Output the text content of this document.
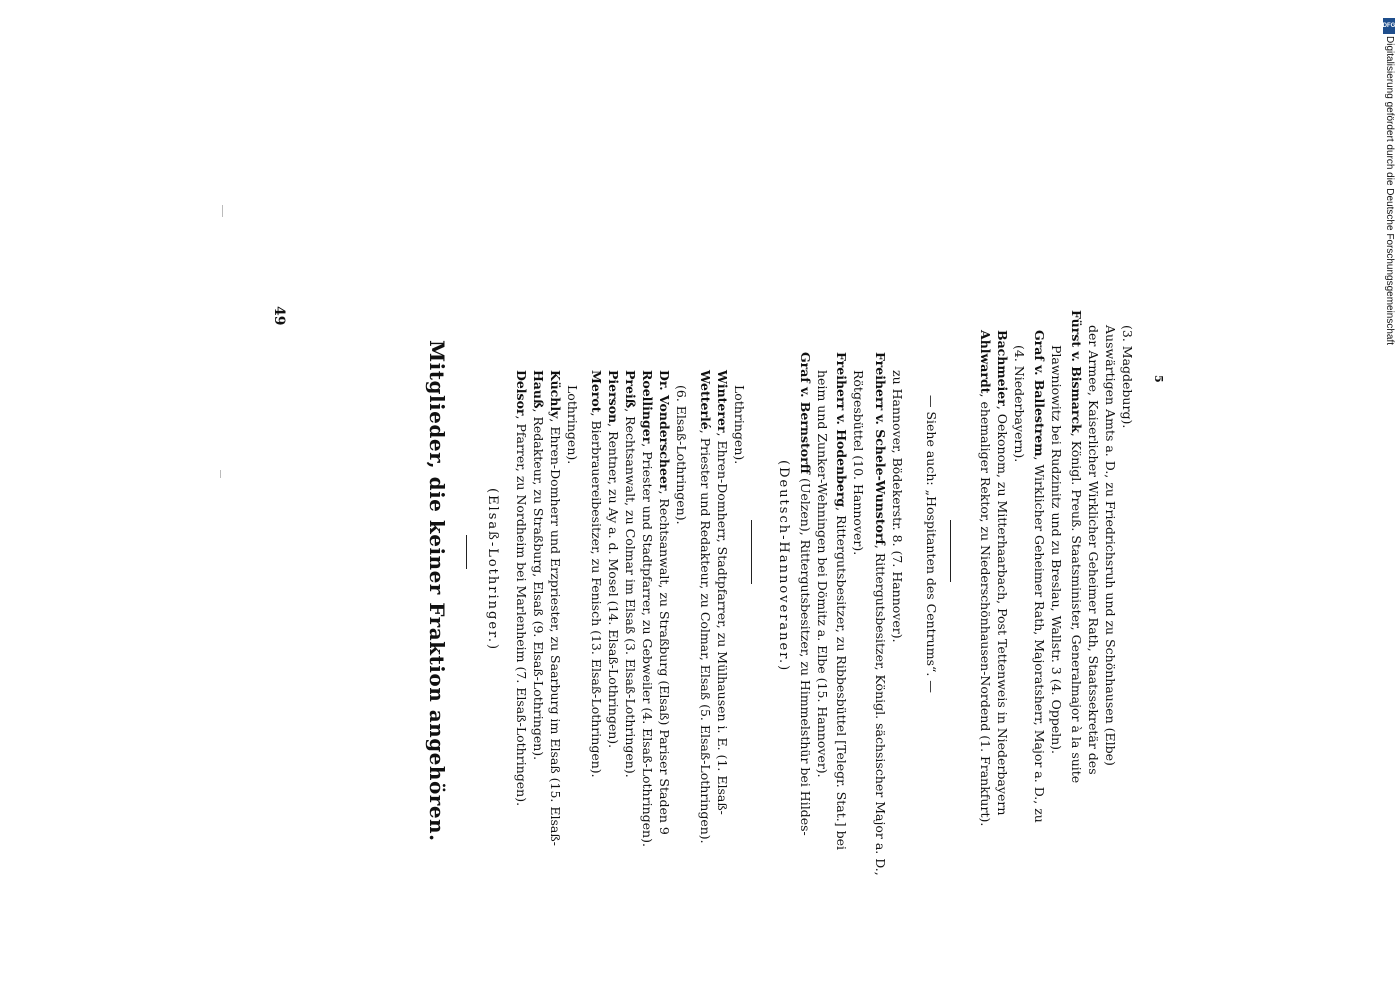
49
Mitglieder, die keiner Fraktion angehören.	(Elsaß-Lothringer.)
Delsor, Pfarrer, zu Nordheim bei Marlenheim (7. Elsaß-Lothringen).
Hauß, Redakteur, zu Straßburg, Elsaß (9. Elsaß-Lothringen).
Küchly, Ehren-Domherr und Erzpriester, zu Saarburg im Elsaß (15. Elsaß- Lothringen). Merot, Bierbrauereibesitzer, zu Fenisch (13. Elsaß-Lothringen).
Pierson, Rentner, zu Ay a. d. Mosel (14. Elsaß-Lothringen).
Preiß, Rechtsanwalt, zu Colmar im Elsaß (3. Elsaß-Lothringen).
Roellinger, Priester und Stadtpfarrer, zu Gebweiler (4. Elsaß-Lothringen).
Dr. Vonderscheer, Rechtsanwalt, zu Straßburg (Elsaß) Pariser Staden 9
(6. Elsaß-Lothringen). Wetterlé, Priester und Redakteur, zu Colmar, Elsaß (5. Elsaß-Lothringen).
Winterer, Ehren-Domherr, Stadtpfarrer, zu Mülhausen i. E. (1. Elsaß-
Lothringen).
(Deutsch-Hannoveraner.)
Graf v. Bernstorff (Uelzen), Rittergutsbesitzer, zu Himmelsthür bei Hildes- heim und Zunker-Wehningen bei Dömitz a. Elbe (15. Hannover). Freiherr v. Hodenberg, Rittergutsbesitzer, zu Ribbesbüttel [Telegr. Stat.] bei
Rötgesbüttel (10. Hannover). Freiherr v. Schele-Wunstorf, Rittergutsbesitzer, Königl. sächsischer Major a. D.,
zu Hannover, Bödekerstr. 8. (7. Hannover). — Siehe auch: „Hospitanten des Centrums“. —
Ahlwardt, ehemaliger Rektor, zu Niederschönhausen-Nordend (1. Frankfurt).
Bachmeier, Oekonom, zu Mitterhaarbach, Post Tettenweis in Niederbayern
(4. Niederbayern). Graf v. Ballestrem, Wirklicher Geheimer Rath, Majoratsherr, Major a. D., zu Plawniowitz bei Rudzinitz und zu Breslau, Wallstr. 3 (4. Oppeln). Fürst v. Bismarck, Königl. Preuß. Staatsminister, Generalmajor à la suite der Armee, Kaiserlicher Wirklicher Geheimer Rath, Staatssekretär des Auswärtigen Amts a. D., zu Friedrichsruh und zu Schönhausen (Elbe) (3. Magdeburg). 5
DFG
Digitalisierung gefördert durch die Deutsche Forschungsgemeinschaft
